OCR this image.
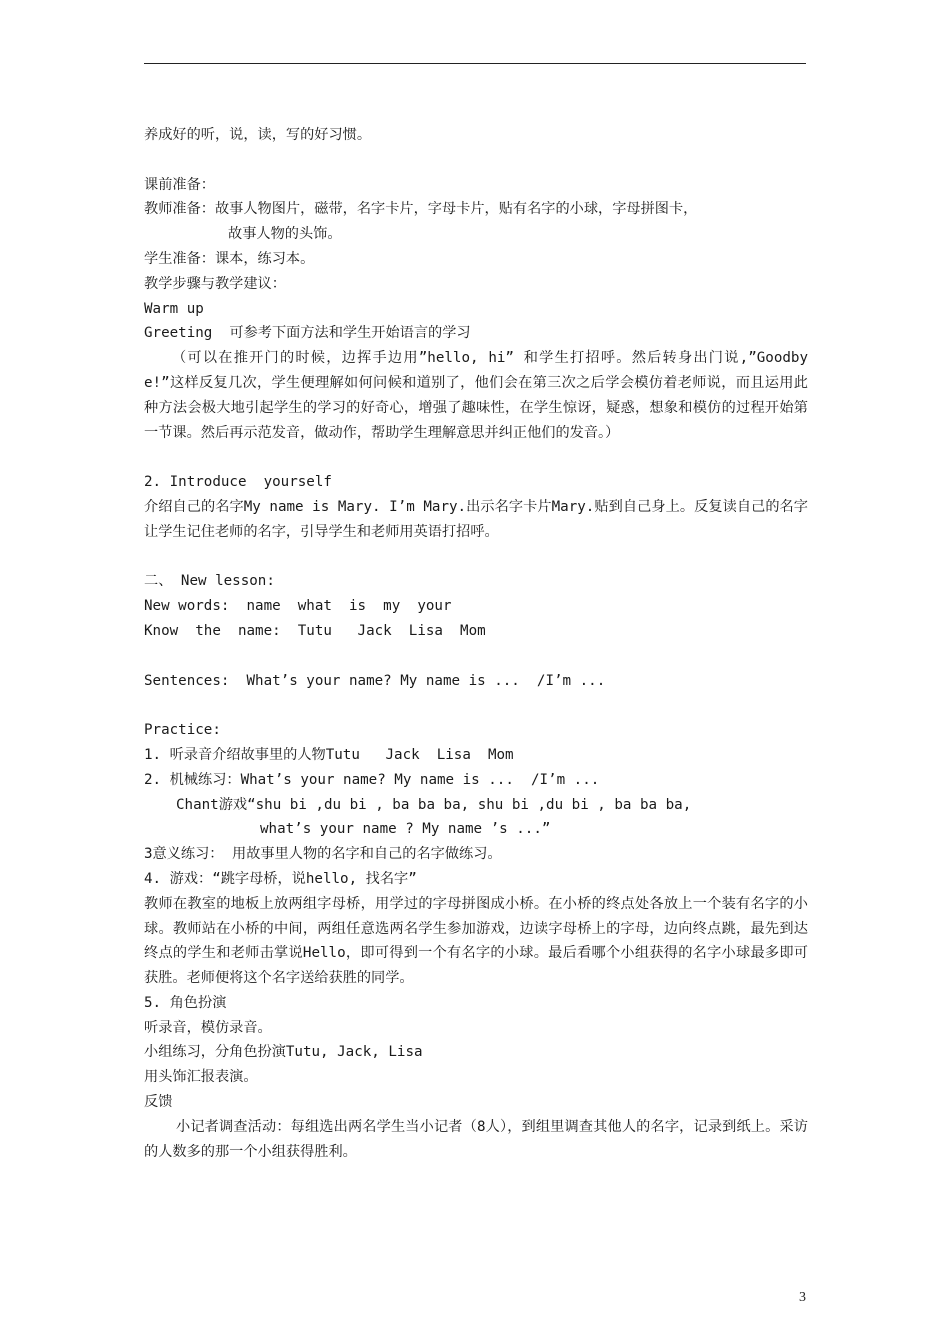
养成好的听，说，读，写的好习惯。
课前准备：
教师准备：故事人物图片，磁带，名字卡片，字母卡片，贴有名字的小球，字母拼图卡，
故事人物的头饰。
学生准备：课本，练习本。
教学步骤与教学建议：
Warm up
Greeting  可参考下面方法和学生开始语言的学习
（可以在推开门的时候，边挥手边用”hello, hi” 和学生打招呼。然后转身出门说,”Goodbye!”这样反复几次，学生便理解如何问候和道别了，他们会在第三次之后学会模仿着老师说，而且运用此种方法会极大地引起学生的学习的好奇心，增强了趣味性，在学生惊讶，疑惑，想象和模仿的过程开始第一节课。然后再示范发音，做动作，帮助学生理解意思并纠正他们的发音。）
2. Introduce  yourself
介绍自己的名字My name is Mary. I’m Mary.出示名字卡片Mary.贴到自己身上。反复读自己的名字让学生记住老师的名字，引导学生和老师用英语打招呼。
二、 New lesson:
New words:  name  what  is  my  your
Know  the  name:  Tutu   Jack  Lisa  Mom
Sentences:  What’s your name? My name is ...  /I’m ...
Practice:
1. 听录音介绍故事里的人物Tutu   Jack  Lisa  Mom
2. 机械练习：What’s your name? My name is ...  /I’m ...
Chant游戏“shu bi ,du bi , ba ba ba, shu bi ,du bi , ba ba ba,
what’s your name ? My name ’s ...”
3意义练习： 用故事里人物的名字和自己的名字做练习。
4. 游戏：“跳字母桥，说hello, 找名字”
教师在教室的地板上放两组字母桥，用学过的字母拼图成小桥。在小桥的终点处各放上一个装有名字的小球。教师站在小桥的中间，两组任意选两名学生参加游戏，边读字母桥上的字母，边向终点跳，最先到达终点的学生和老师击掌说Hello，即可得到一个有名字的小球。最后看哪个小组获得的名字小球最多即可获胜。老师便将这个名字送给获胜的同学。
5. 角色扮演
听录音，模仿录音。
小组练习，分角色扮演Tutu, Jack, Lisa
用头饰汇报表演。
反馈
小记者调查活动：每组选出两名学生当小记者（8人），到组里调查其他人的名字，记录到纸上。采访的人数多的那一个小组获得胜利。
3
